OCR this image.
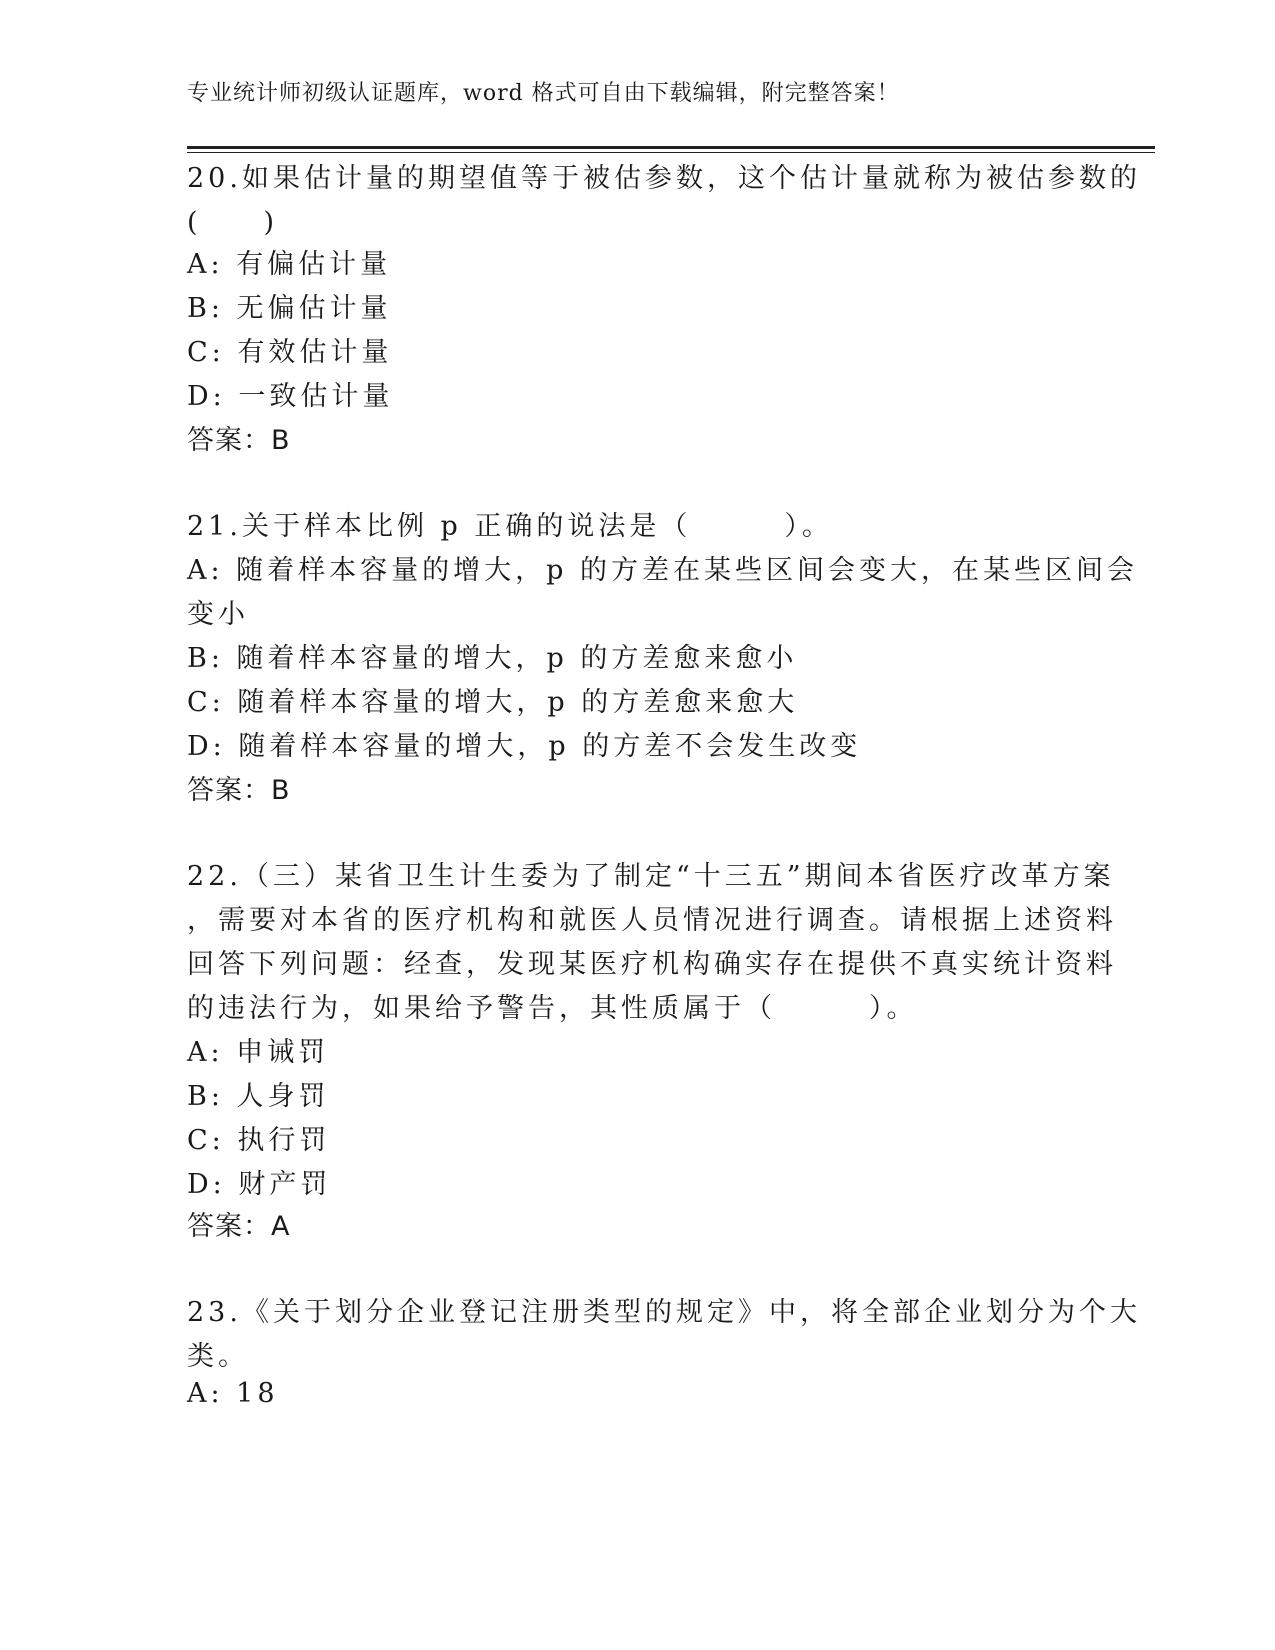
专业统计师初级认证题库，word 格式可自由下载编辑，附完整答案！
20.如果估计量的期望值等于被估参数，这个估计量就称为被估参数的
(　　)
A: 有偏估计量
B: 无偏估计量
C: 有效估计量
D: 一致估计量
答案：B
21.关于样本比例 p 正确的说法是（　　　）。
A: 随着样本容量的增大，p 的方差在某些区间会变大，在某些区间会
变小
B: 随着样本容量的增大，p 的方差愈来愈小
C: 随着样本容量的增大，p 的方差愈来愈大
D: 随着样本容量的增大，p 的方差不会发生改变
答案：B
22.（三）某省卫生计生委为了制定“十三五”期间本省医疗改革方案
，需要对本省的医疗机构和就医人员情况进行调查。请根据上述资料
回答下列问题：经查，发现某医疗机构确实存在提供不真实统计资料
的违法行为，如果给予警告，其性质属于（　　　）。
A: 申诫罚
B: 人身罚
C: 执行罚
D: 财产罚
答案：A
23.《关于划分企业登记注册类型的规定》中，将全部企业划分为个大
类。
A: 18
